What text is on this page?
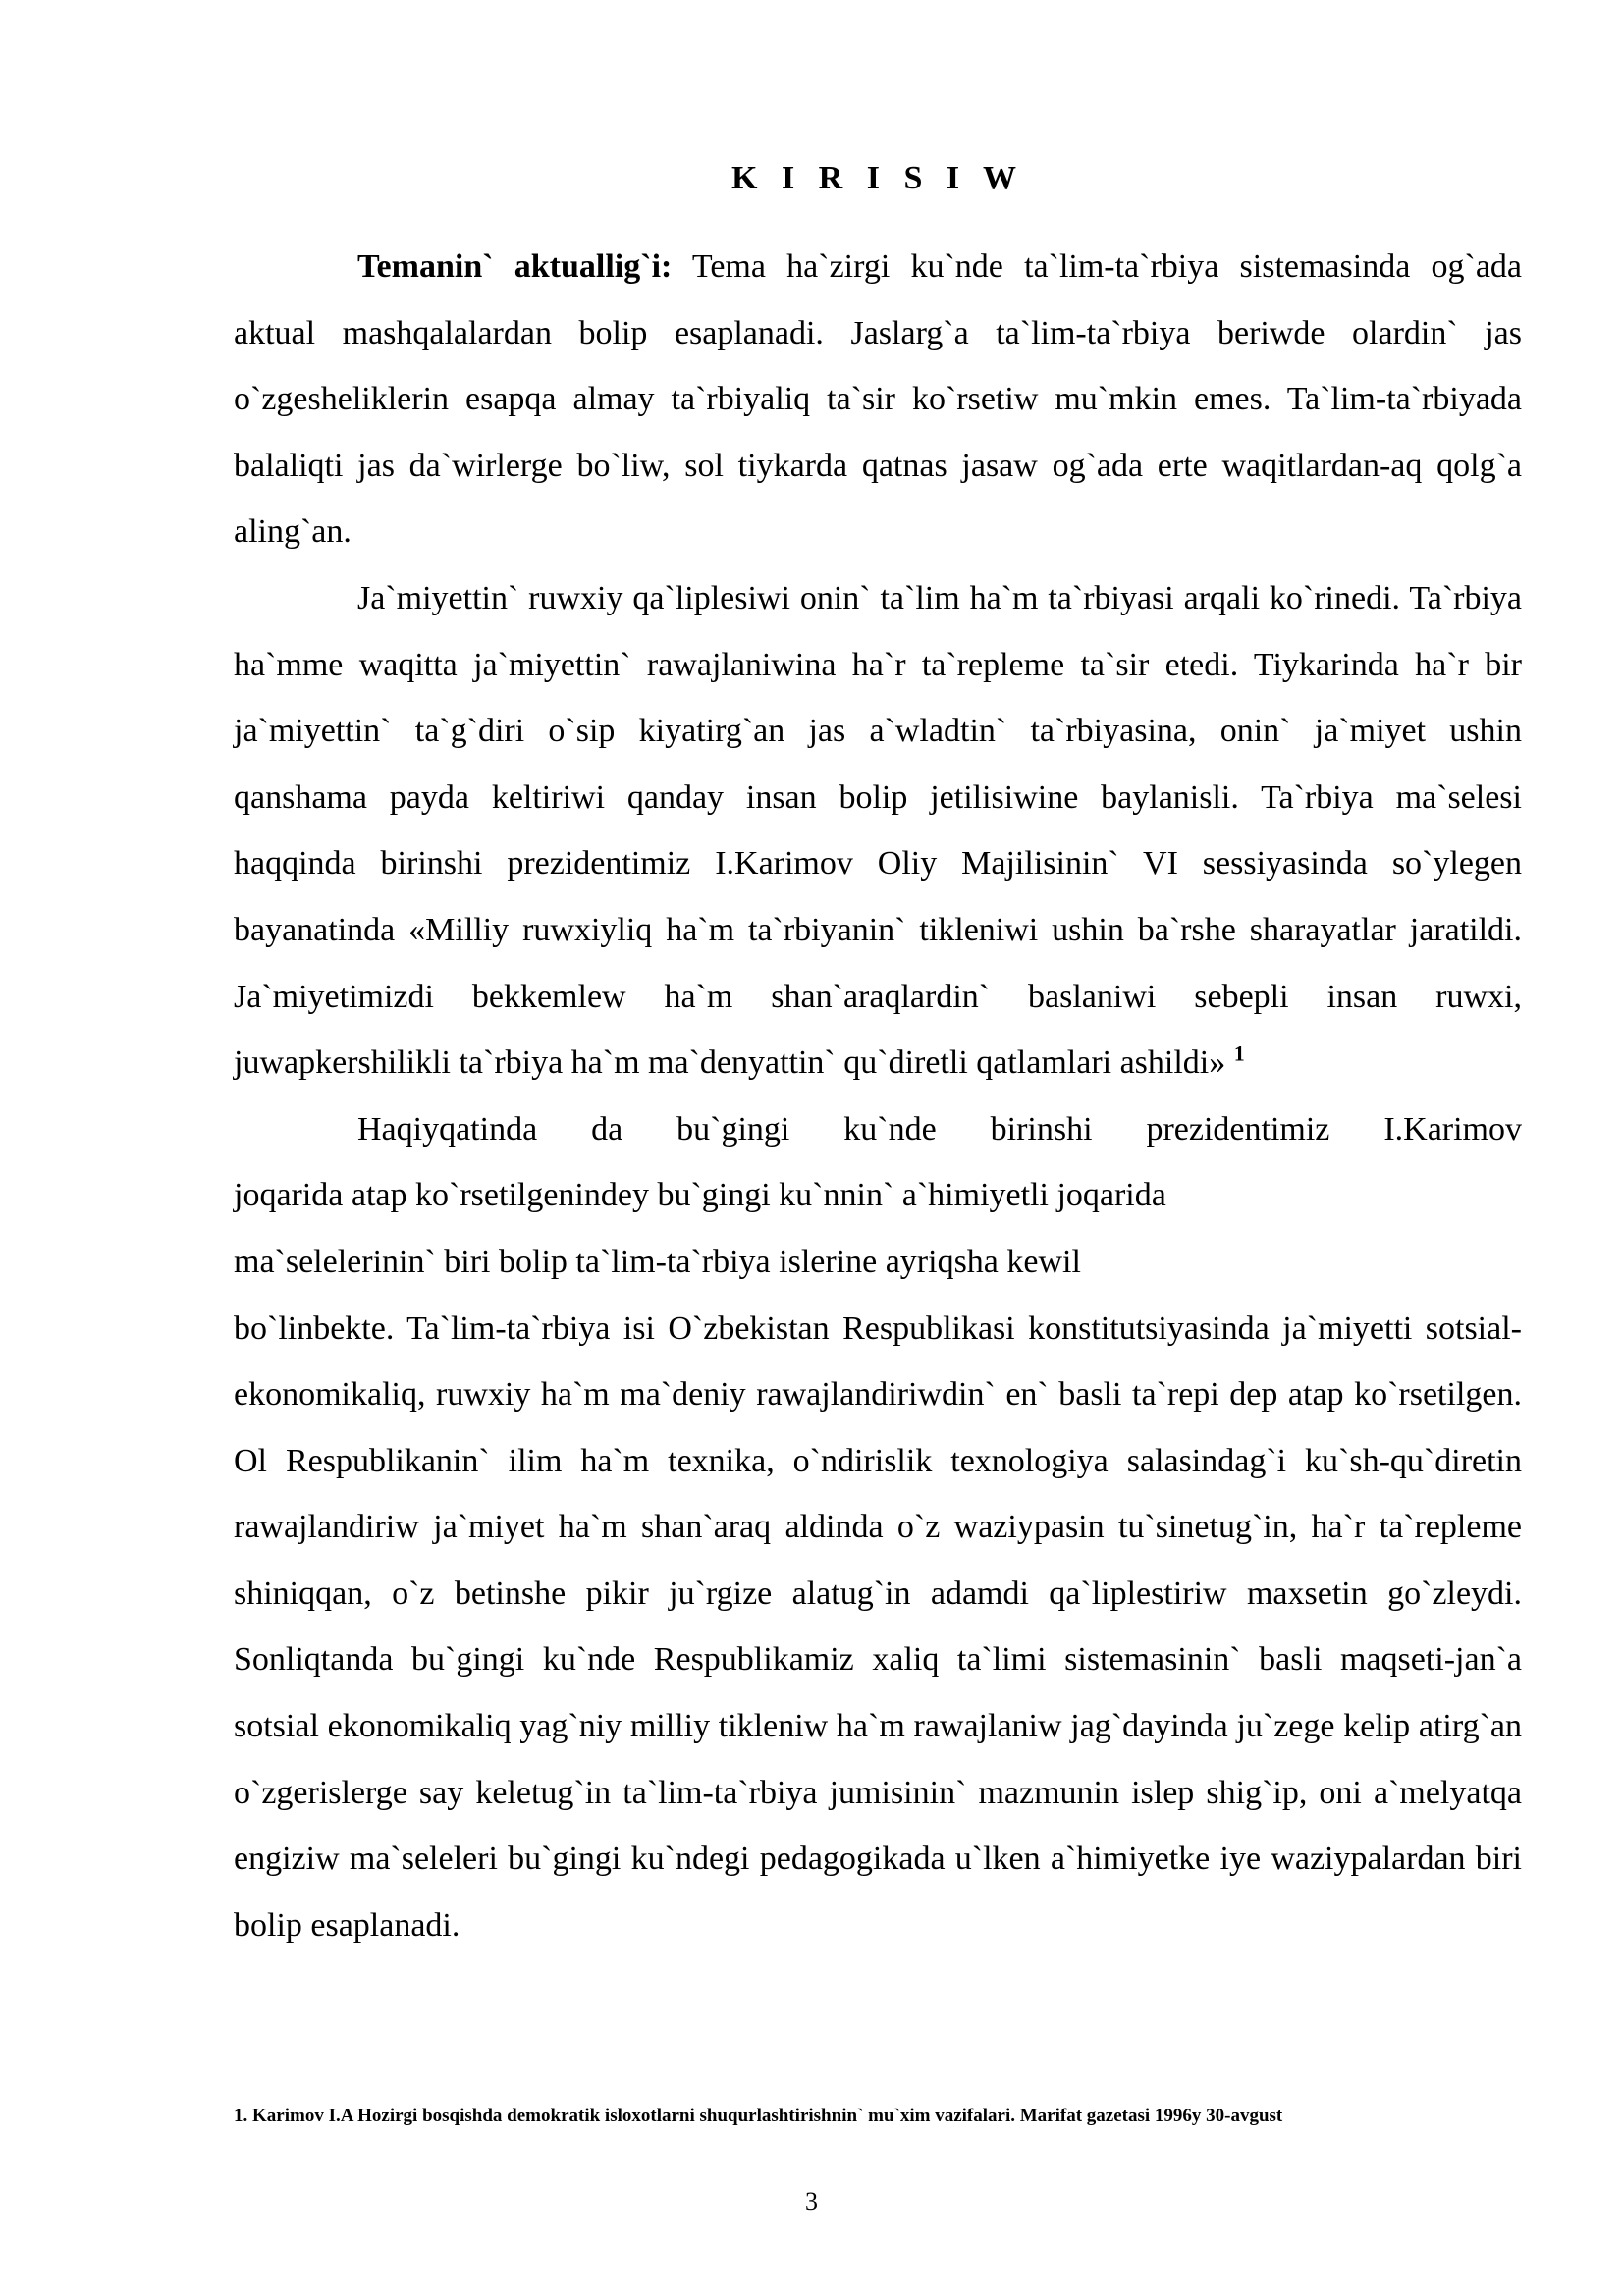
K I R I S I W

Temanin` aktuallig`i: Tema ha`zirgi ku`nde ta`lim-ta`rbiya sistemasinda og`ada aktual mashqalalardan bolip esaplanadi. Jaslarg`a ta`lim-ta`rbiya beriwde olardin` jas o`zgesheliklerin esapqa almay ta`rbiyaliq ta`sir ko`rsetiw mu`mkin emes. Ta`lim-ta`rbiyada balaliqti jas da`wirlerge bo`liw, sol tiykarda qatnas jasaw og`ada erte waqitlardan-aq qolg`a aling`an.

Ja`miyettin` ruwxiy qa`liplesiwi onin` ta`lim ha`m ta`rbiyasi arqali ko`rinedi. Ta`rbiya ha`mme waqitta ja`miyettin` rawajlaniwina ha`r ta`repleme ta`sir etedi. Tiykarinda ha`r bir ja`miyettin` ta`g`diri o`sip kiyatirg`an jas a`wladtin` ta`rbiyasina, onin` ja`miyet ushin qanshama payda keltiriwi qanday insan bolip jetilisiwine baylanisli. Ta`rbiya ma`selesi haqqinda birinshi prezidentimiz I.Karimov Oliy Majilisinin` VI sessiyasinda so`ylegen bayanatinda «Milliy ruwxiyliq ha`m ta`rbiyanin` tikleniwi ushin ba`rshe sharayatlar jaratildi. Ja`miyetimizdi bekkemlew ha`m shan`araqlardin` baslaniwi sebepli insan ruwxi, juwapkershilikli ta`rbiya ha`m ma`denyattin` qu`diretli qatlamlari ashildi» $^1$

Haqiyqatinda da bu`gingi ku`nde birinshi prezidentimiz I.Karimov
joqarida atap ko`rsetilgenindey bu`gingi ku`nnin` a`himiyetli joqarida
ma`selelerinin` biri bolip ta`lim-ta`rbiya islerine ayriqsha kewil
bo`linbekte. Ta`lim-ta`rbiya isi O`zbekistan Respublikasi konstitutsiyasinda ja`miyetti sotsial-ekonomikaliq, ruwxiy ha`m ma`deniy rawajlandiriwdin` en` basli ta`repi dep atap ko`rsetilgen. Ol Respublikanin` ilim ha`m texnika, o`ndirislik texnologiya salasindag`i ku`sh-qu`diretin rawajlandiriw ja`miyet ha`m shan`araq aldinda o`z waziypasin tu`sinetug`in, ha`r ta`repleme shiniqqan, o`z betinshe pikir ju`rgize alatug`in adamdi qa`liplestiriw maxsetin go`zleydi. Sonliqtanda bu`gingi ku`nde Respublikamiz xaliq ta`limi sistemasinin` basli maqseti-jan`a sotsial ekonomikaliq yag`niy milliy tikleniw ha`m rawajlaniw jag`dayinda ju`zege kelip atirg`an o`zgerislerge say keletug`in ta`lim-ta`rbiya jumisinin` mazmunin islep shig`ip, oni a`melyatqa engiziw ma`seleleri bu`gingi ku`ndegi pedagogikada u`lken a`himiyetke iye waziypalardan biri bolip esaplanadi.
1. Karimov I.A Hozirgi bosqishda demokratik isloxotlarni shuqurlashtirishnin` mu`xim vazifalari. Marifat gazetasi 1996y 30-avgust
3
